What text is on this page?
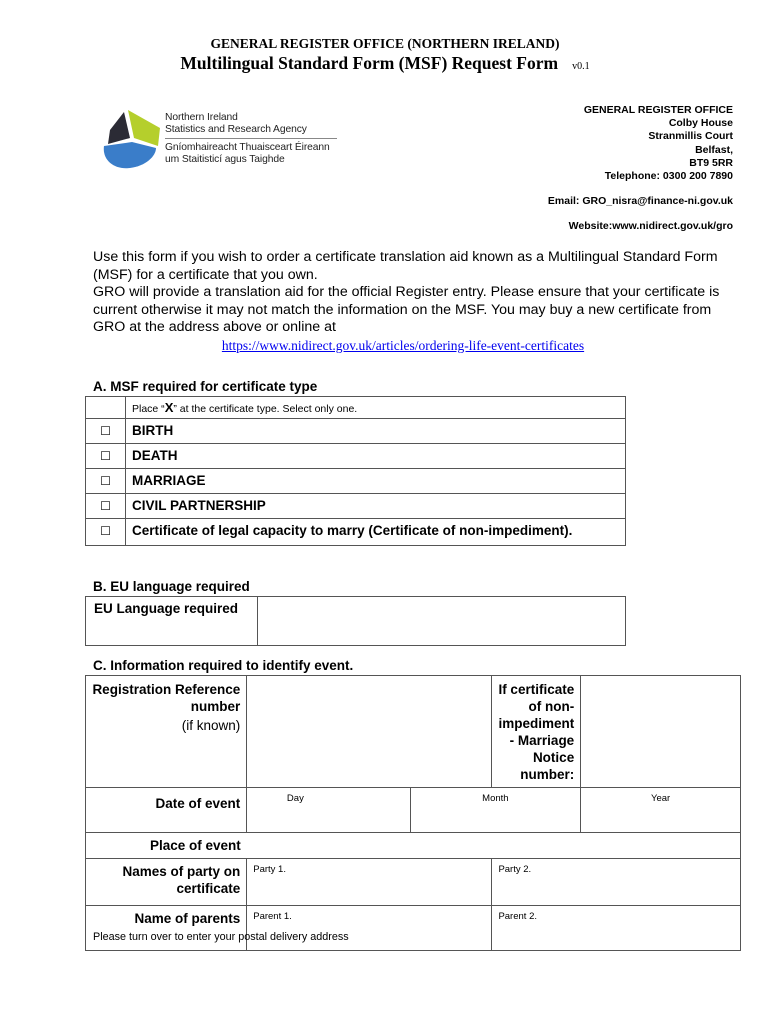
GENERAL REGISTER OFFICE (NORTHERN IRELAND)
Multilingual Standard Form (MSF) Request Form v0.1
Northern Ireland
Statistics and Research Agency
Gníomhaireacht Thuaisceart Éireann
um Staitisticí agus Taighde
GENERAL REGISTER OFFICE
Colby House
Stranmillis Court
Belfast,
BT9 5RR
Telephone: 0300 200 7890
Email: GRO_nisra@finance-ni.gov.uk
Website:www.nidirect.gov.uk/gro
Use this form if you wish to order a certificate translation aid known as a Multilingual Standard Form (MSF) for a certificate that you own.
GRO will provide a translation aid for the official Register entry. Please ensure that your certificate is current otherwise it may not match the information on the MSF. You may buy a new certificate from GRO at the address above or online at
https://www.nidirect.gov.uk/articles/ordering-life-event-certificates
A. MSF required for certificate type
	Place “X” at the certificate type. Select only one.
☐	BIRTH
☐	DEATH
☐	MARRIAGE
☐	CIVIL PARTNERSHIP
☐	Certificate of legal capacity to marry (Certificate of non-impediment).
B. EU language required
EU Language required	
C. Information required to identify event.
Registration Reference number
(if known)			If certificate of non-impediment - Marriage Notice number:	
Date of event	Day	Month		Year
Place of event				
Names of party on certificate	Party 1.		Party 2.	
Name of parents	Parent 1.		Parent 2.	
Please turn over to enter your postal delivery address
